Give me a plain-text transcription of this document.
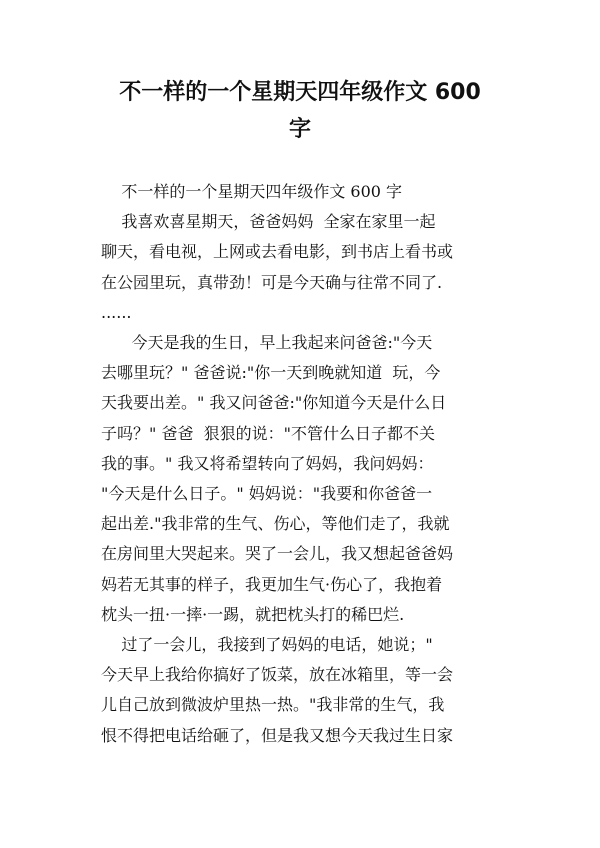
不一样的一个星期天四年级作文 600
字

不一样的一个星期天四年级作文 600 字

我喜欢喜星期天，爸爸妈妈  全家在家里一起

聊天，看电视，上网或去看电影，到书店上看书或

在公园里玩，真带劲！可是今天确与往常不同了.

......

今天是我的生日，早上我起来问爸爸:"今天

去哪里玩？" 爸爸说:"你一天到晚就知道  玩，今

天我要出差。" 我又问爸爸:"你知道今天是什么日

子吗？" 爸爸  狠狠的说："不管什么日子都不关

我的事。" 我又将希望转向了妈妈，我问妈妈：

"今天是什么日子。" 妈妈说："我要和你爸爸一

起出差."我非常的生气、伤心，等他们走了，我就

在房间里大哭起来。哭了一会儿，我又想起爸爸妈

妈若无其事的样子，我更加生气·伤心了，我抱着

枕头一扭·一摔·一踢，就把枕头打的稀巴烂.

过了一会儿，我接到了妈妈的电话，她说；"

今天早上我给你搞好了饭菜，放在冰箱里，等一会

儿自己放到微波炉里热一热。"我非常的生气，我

恨不得把电话给砸了，但是我又想今天我过生日家
